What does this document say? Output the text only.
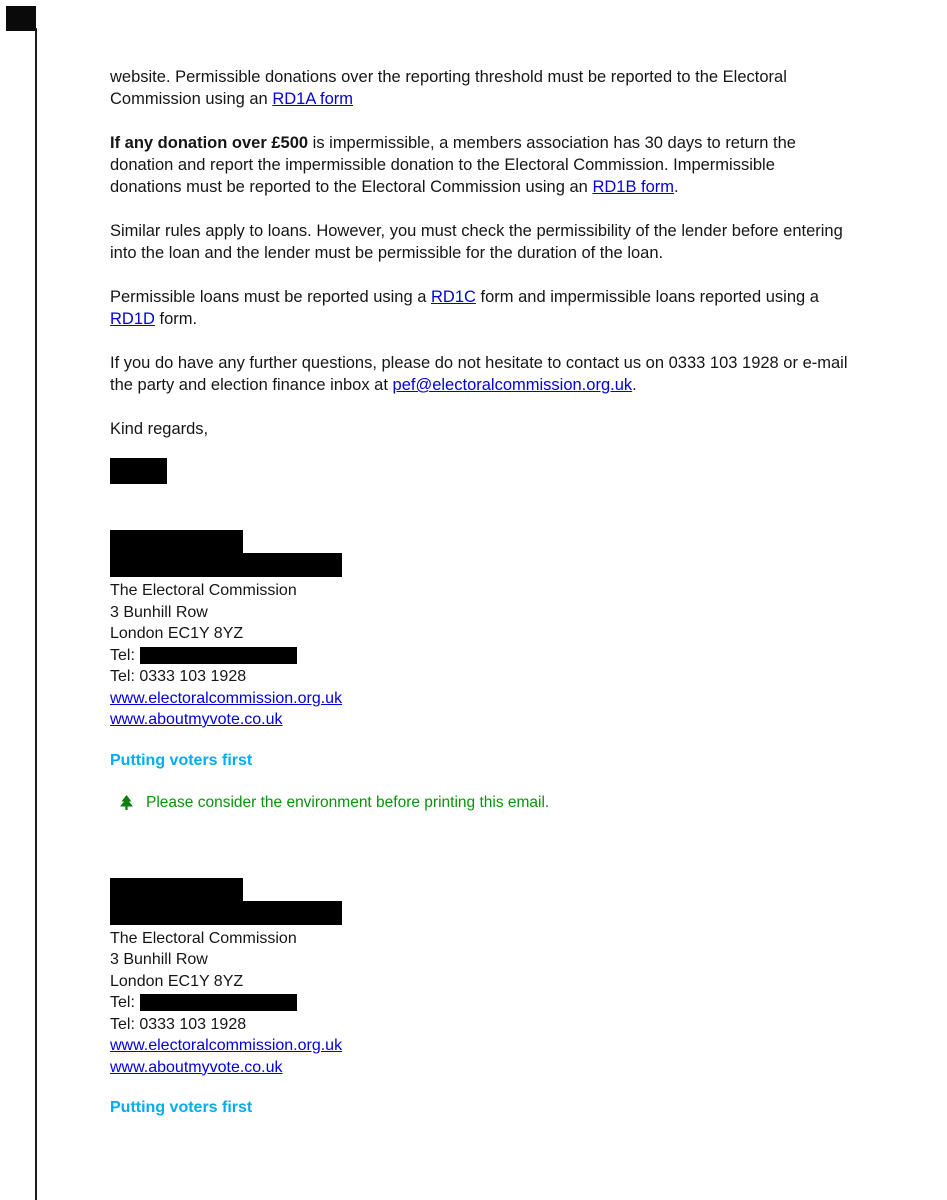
website. Permissible donations over the reporting threshold must be reported to the Electoral Commission using an RD1A form

If any donation over £500 is impermissible, a members association has 30 days to return the donation and report the impermissible donation to the Electoral Commission. Impermissible donations must be reported to the Electoral Commission using an RD1B form.

Similar rules apply to loans. However, you must check the permissibility of the lender before entering into the loan and the lender must be permissible for the duration of the loan.

Permissible loans must be reported using a RD1C form and impermissible loans reported using a RD1D form.

If you do have any further questions, please do not hesitate to contact us on 0333 103 1928 or e-mail the party and election finance inbox at pef@electoralcommission.org.uk.

Kind regards,
The Electoral Commission
3 Bunhill Row
London EC1Y 8YZ
Tel:
Tel: 0333 103 1928
www.electoralcommission.org.uk
www.aboutmyvote.co.uk
Putting voters first
Please consider the environment before printing this email.
The Electoral Commission
3 Bunhill Row
London EC1Y 8YZ
Tel:
Tel: 0333 103 1928
www.electoralcommission.org.uk
www.aboutmyvote.co.uk
Putting voters first
